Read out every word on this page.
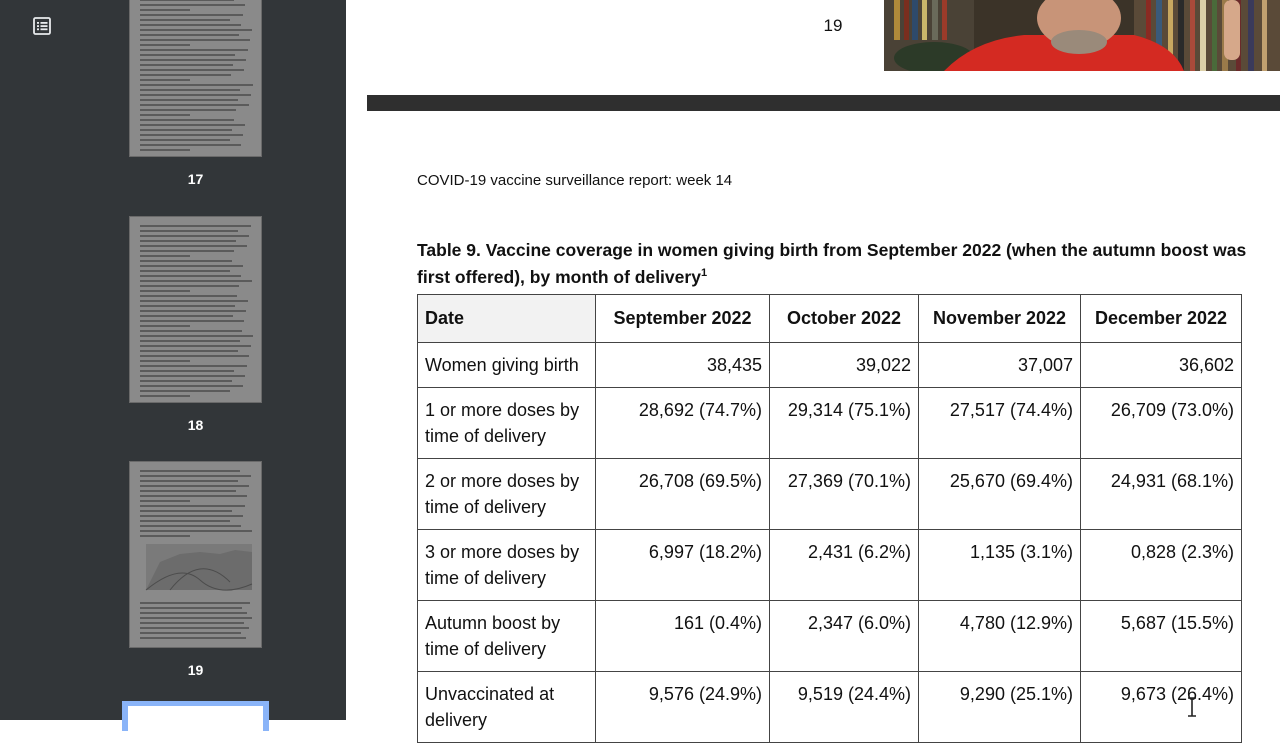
17
18
19
19
COVID-19 vaccine surveillance report: week 14
Table 9. Vaccine coverage in women giving birth from September 2022 (when the autumn boost was first offered), by month of delivery$^1$
Date	September 2022	October 2022	November 2022	December 2022
Women giving birth	38,435	39,022	37,007	36,602
1 or more doses by time of delivery	28,692 (74.7%)	29,314 (75.1%)	27,517 (74.4%)	26,709 (73.0%)
2 or more doses by time of delivery	26,708 (69.5%)	27,369 (70.1%)	25,670 (69.4%)	24,931 (68.1%)
3 or more doses by time of delivery	6,997 (18.2%)	2,431 (6.2%)	1,135 (3.1%)	0,828 (2.3%)
Autumn boost by time of delivery	161 (0.4%)	2,347 (6.0%)	4,780 (12.9%)	5,687 (15.5%)
Unvaccinated at delivery	9,576 (24.9%)	9,519 (24.4%)	9,290 (25.1%)	9,673 (26.4%)
